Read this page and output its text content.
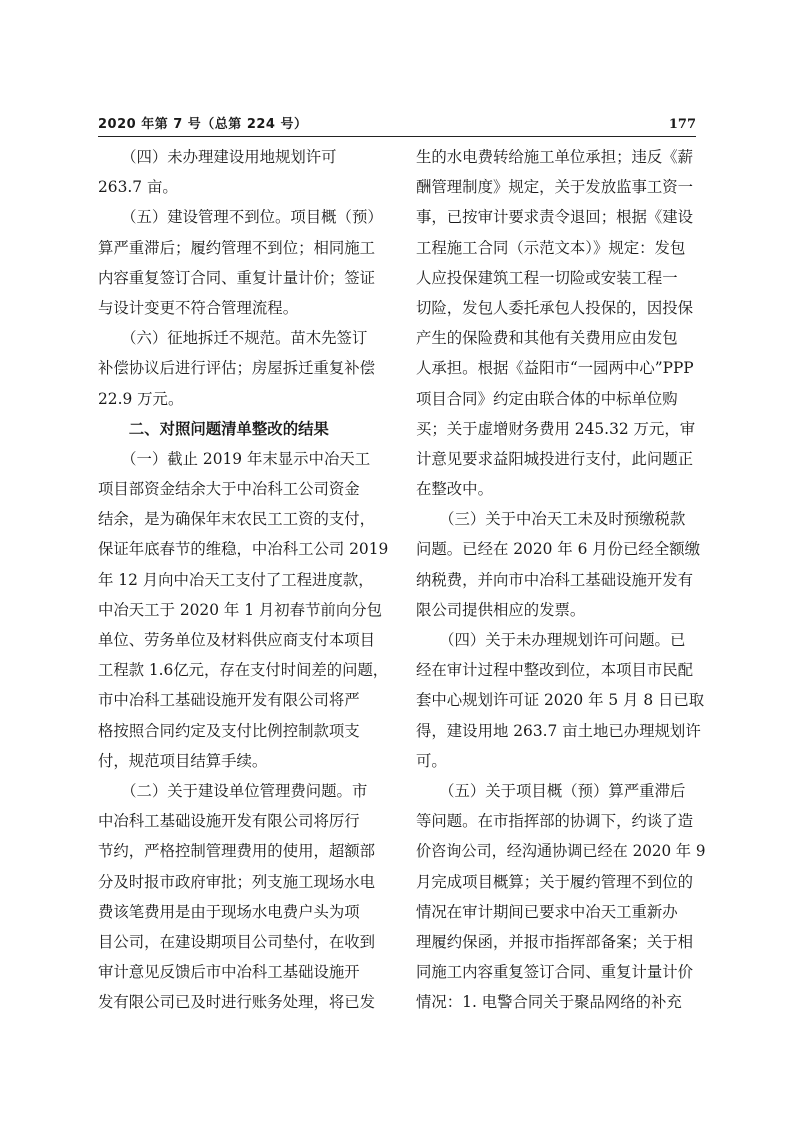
2020 年第 7 号（总第 224 号）	177
　　（四）未办理建设用地规划许可
263.7 亩。
　　（五）建设管理不到位。项目概（预）
算严重滞后；履约管理不到位；相同施工
内容重复签订合同、重复计量计价；签证
与设计变更不符合管理流程。
　　（六）征地拆迁不规范。苗木先签订
补偿协议后进行评估；房屋拆迁重复补偿
22.9 万元。
　　二、对照问题清单整改的结果
　　（一）截止 2019 年末显示中冶天工
项目部资金结余大于中冶科工公司资金
结余，是为确保年末农民工工资的支付，
保证年底春节的维稳，中冶科工公司 2019
年 12 月向中冶天工支付了工程进度款，
中冶天工于 2020 年 1 月初春节前向分包
单位、劳务单位及材料供应商支付本项目
工程款 1.6亿元，存在支付时间差的问题，
市中冶科工基础设施开发有限公司将严
格按照合同约定及支付比例控制款项支
付，规范项目结算手续。
　　（二）关于建设单位管理费问题。市
中冶科工基础设施开发有限公司将厉行
节约，严格控制管理费用的使用，超额部
分及时报市政府审批；列支施工现场水电
费该笔费用是由于现场水电费户头为项
目公司，在建设期项目公司垫付，在收到
审计意见反馈后市中冶科工基础设施开
发有限公司已及时进行账务处理，将已发
生的水电费转给施工单位承担；违反《薪
酬管理制度》规定，关于发放监事工资一
事，已按审计要求责令退回；根据《建设
工程施工合同（示范文本）》规定：发包
人应投保建筑工程一切险或安装工程一
切险，发包人委托承包人投保的，因投保
产生的保险费和其他有关费用应由发包
人承担。根据《益阳市“一园两中心”PPP
项目合同》约定由联合体的中标单位购
买；关于虚增财务费用 245.32 万元，审
计意见要求益阳城投进行支付，此问题正
在整改中。
　　（三）关于中冶天工未及时预缴税款
问题。已经在 2020 年 6 月份已经全额缴
纳税费，并向市中冶科工基础设施开发有
限公司提供相应的发票。
　　（四）关于未办理规划许可问题。已
经在审计过程中整改到位，本项目市民配
套中心规划许可证 2020 年 5 月 8 日已取
得，建设用地 263.7 亩土地已办理规划许
可。
　　（五）关于项目概（预）算严重滞后
等问题。在市指挥部的协调下，约谈了造
价咨询公司，经沟通协调已经在 2020 年 9
月完成项目概算；关于履约管理不到位的
情况在审计期间已要求中冶天工重新办
理履约保函，并报市指挥部备案；关于相
同施工内容重复签订合同、重复计量计价
情况：1. 电警合同关于聚品网络的补充
